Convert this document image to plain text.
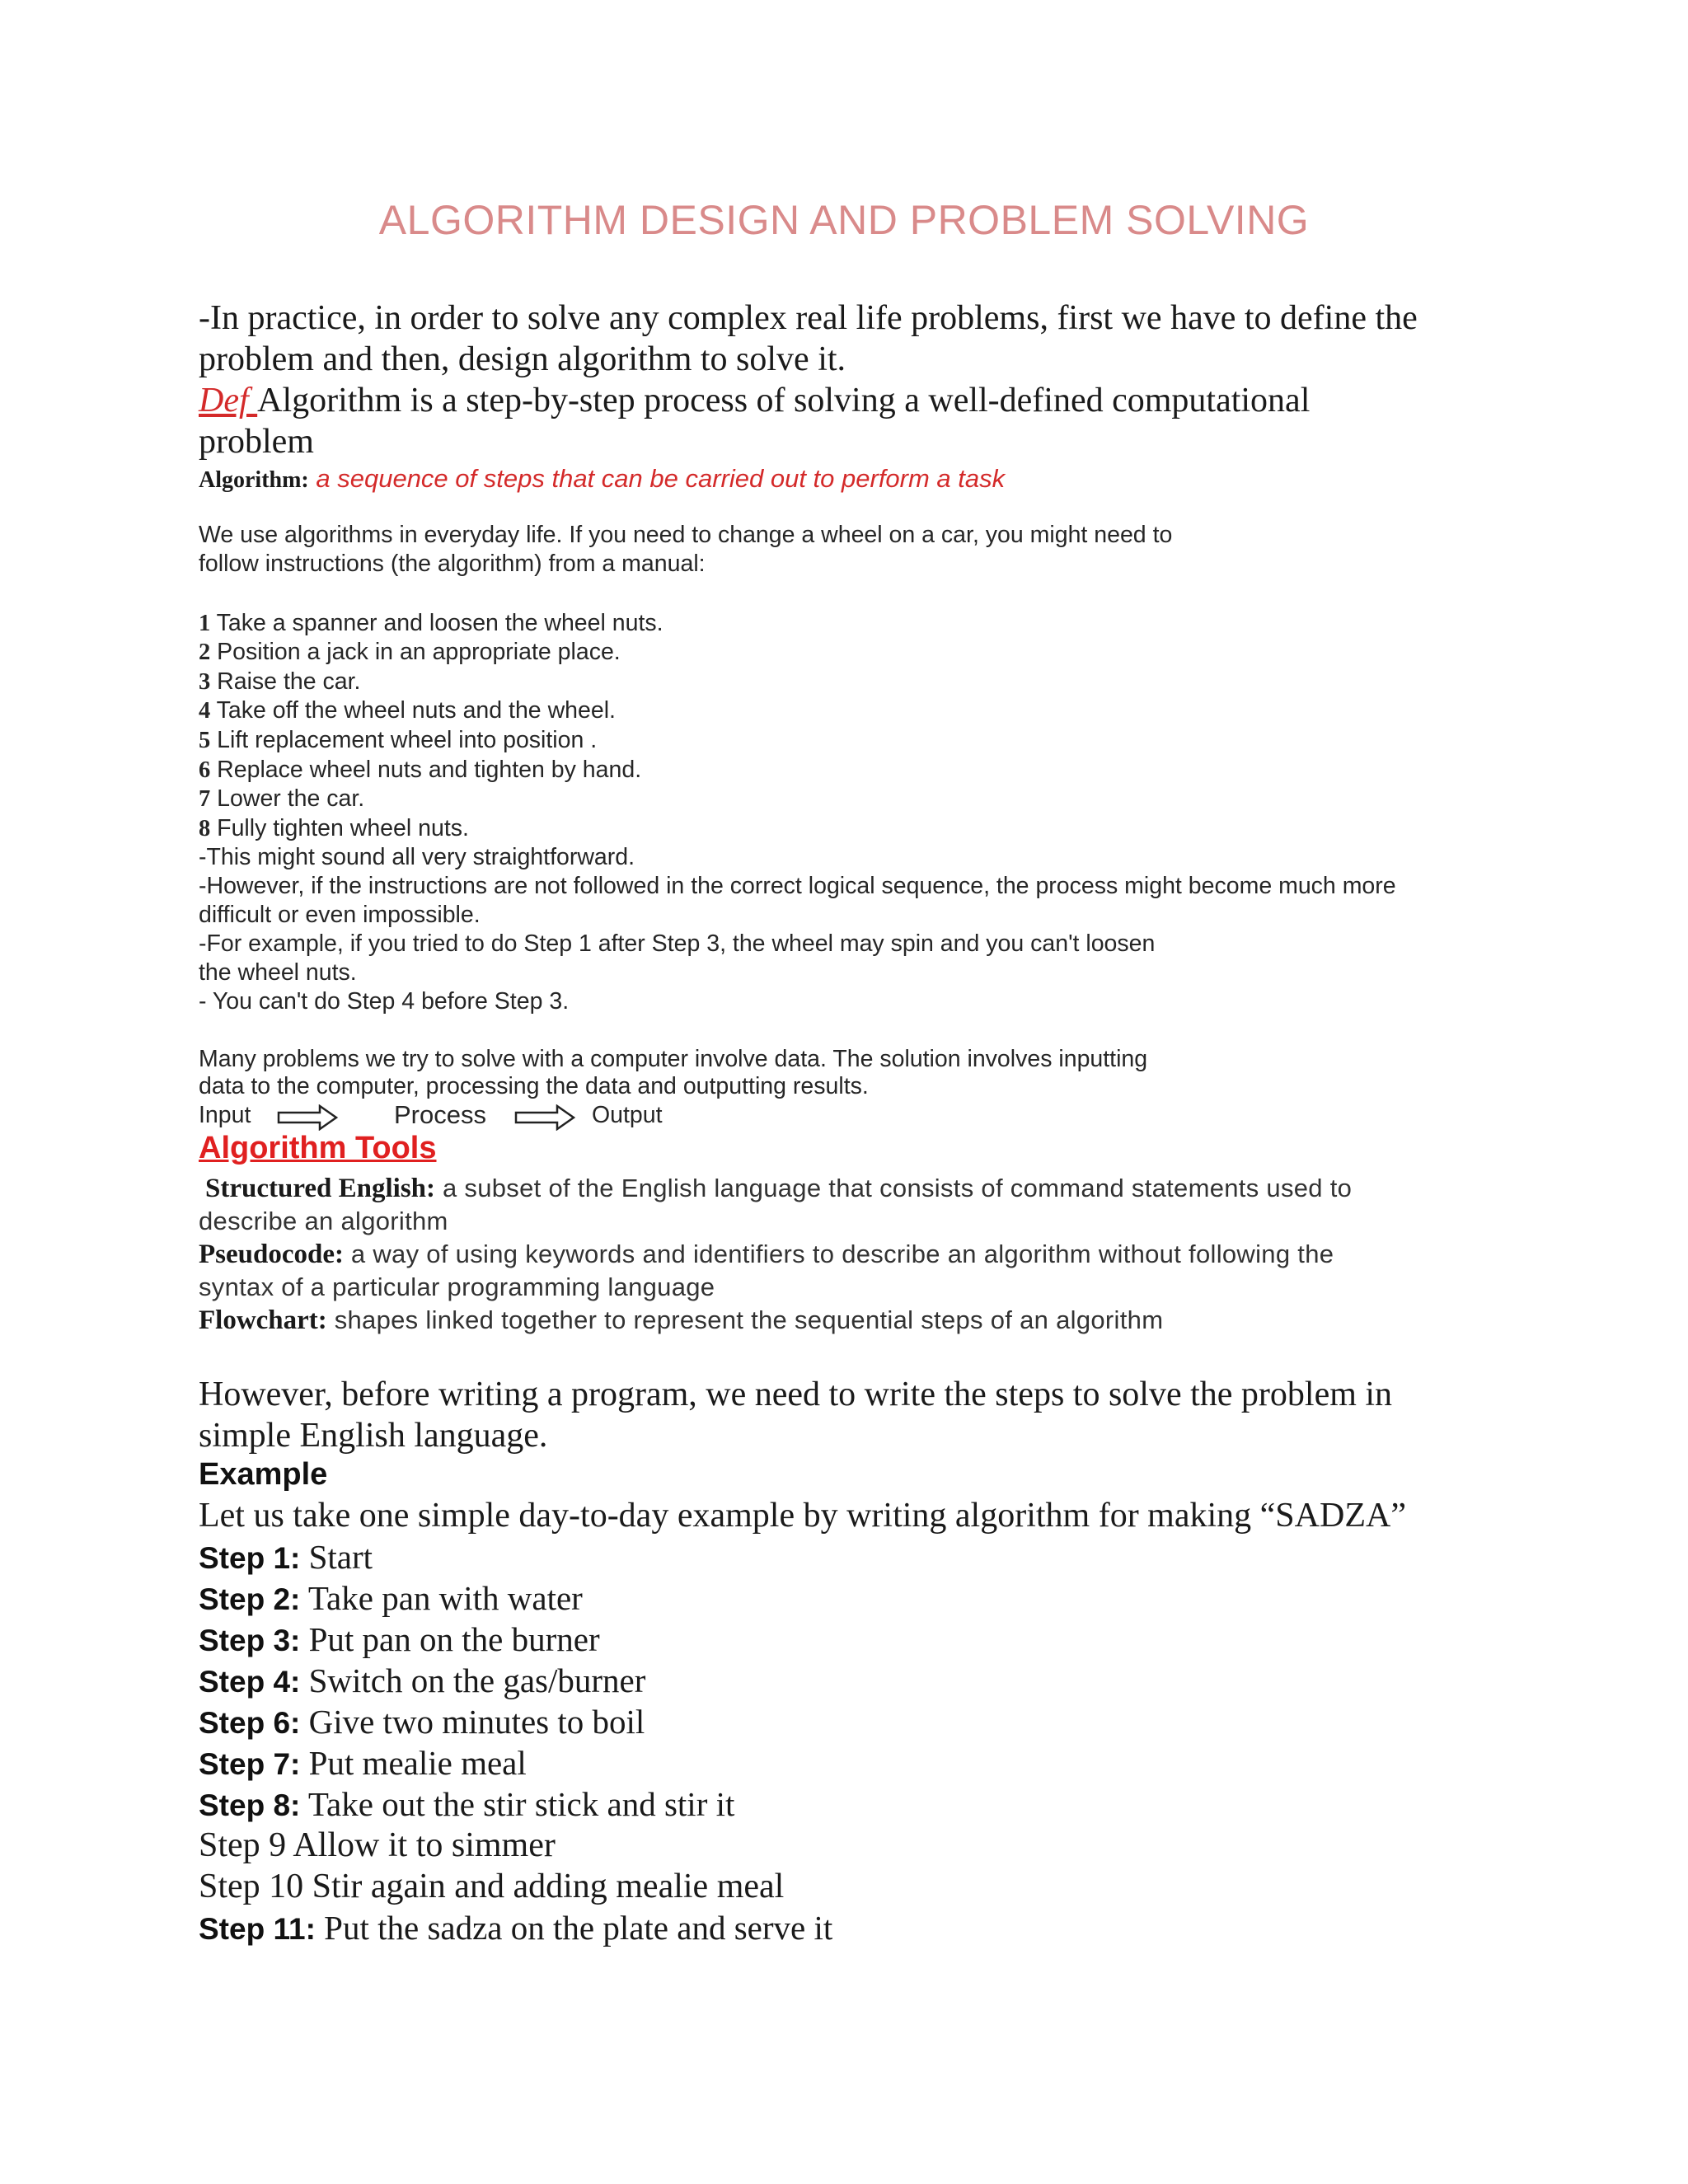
ALGORITHM DESIGN AND PROBLEM SOLVING
-In practice, in order to solve any complex real life problems, first we have to define the
problem and then, design algorithm to solve it.
Def Algorithm is a step-by-step process of solving a well-defined computational
problem
Algorithm: a sequence of steps that can be carried out to perform a task
We use algorithms in everyday life. If you need to change a wheel on a car, you might need to
follow instructions (the algorithm) from a manual:
1 Take a spanner and loosen the wheel nuts.
2 Position a jack in an appropriate place.
3 Raise the car.
4 Take off the wheel nuts and the wheel.
5 Lift replacement wheel into position .
6 Replace wheel nuts and tighten by hand.
7 Lower the car.
8 Fully tighten wheel nuts.
-This might sound all very straightforward.
-However, if the instructions are not followed in the correct logical sequence, the process might become much more
difficult or even impossible.
-For example, if you tried to do Step 1 after Step 3, the wheel may spin and you can't loosen
the wheel nuts.
- You can't do Step 4 before Step 3.
Many problems we try to solve with a computer involve data. The solution involves inputting
data to the computer, processing the data and outputting results.
Input	Process	Output
Algorithm Tools
Structured English: a subset of the English language that consists of command statements used to
describe an algorithm
Pseudocode: a way of using keywords and identifiers to describe an algorithm without following the
syntax of a particular programming language
Flowchart: shapes linked together to represent the sequential steps of an algorithm
However, before writing a program, we need to write the steps to solve the problem in
simple English language.
Example
Let us take one simple day-to-day example by writing algorithm for making “SADZA”
Step 1: Start
Step 2: Take pan with water
Step 3: Put pan on the burner
Step 4: Switch on the gas/burner
Step 6: Give two minutes to boil
Step 7: Put mealie meal
Step 8: Take out the stir stick and stir it
Step 9 Allow it to simmer
Step 10 Stir again and adding mealie meal
Step 11: Put the sadza on the plate and serve it
